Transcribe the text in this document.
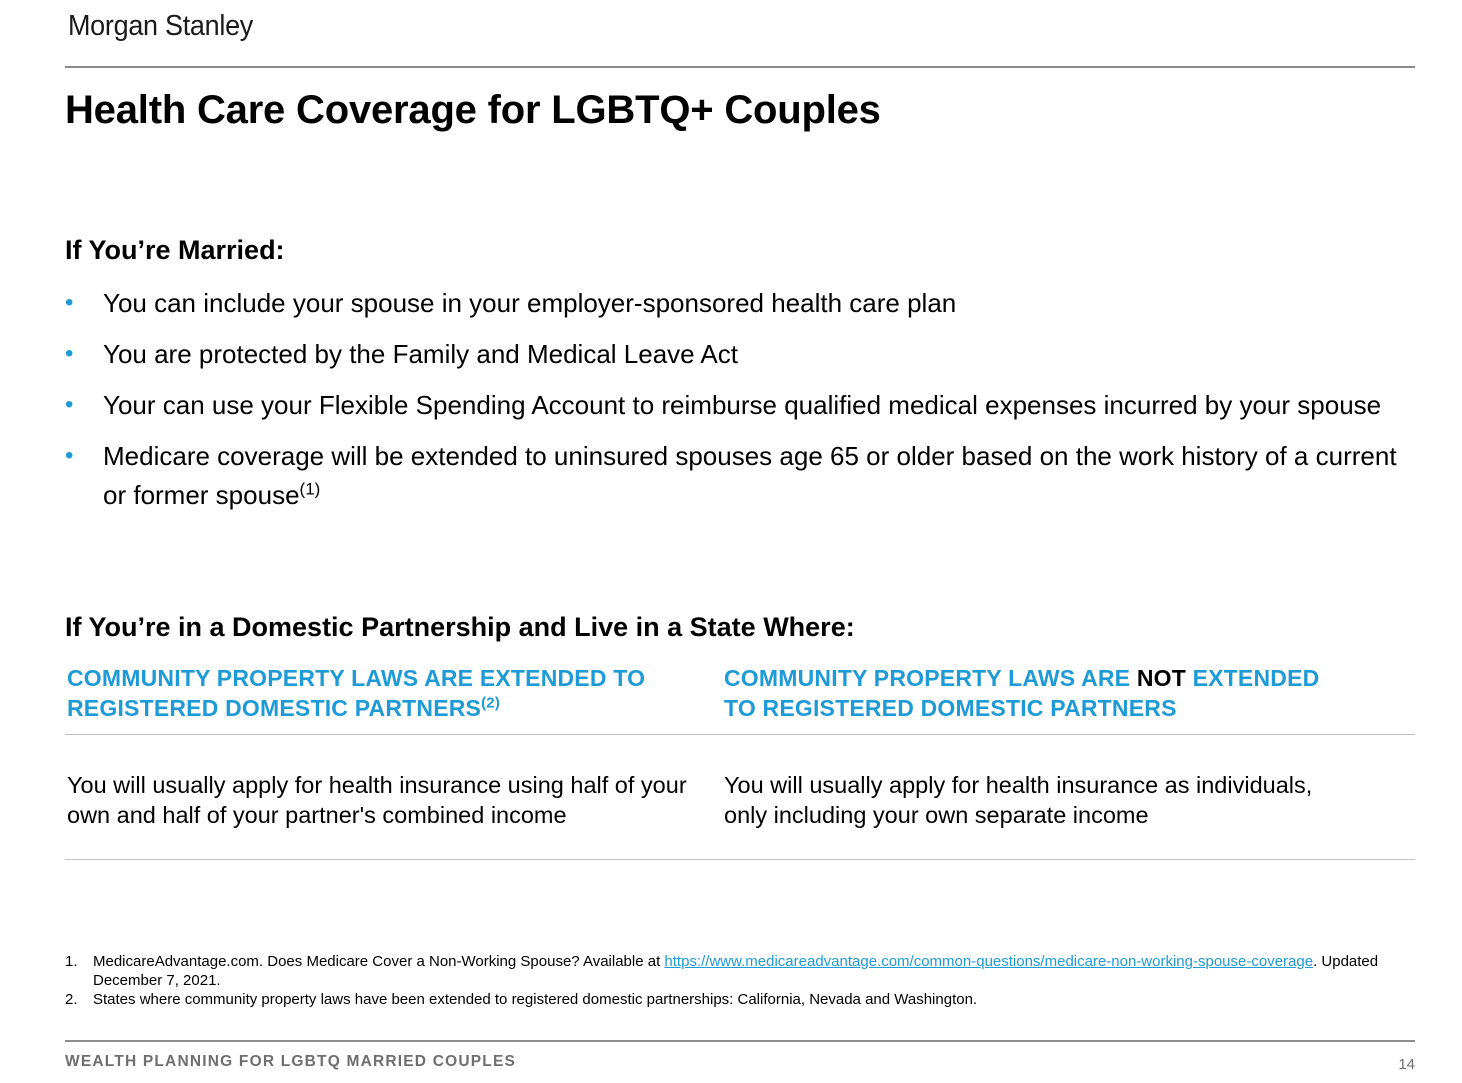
Morgan Stanley
Health Care Coverage for LGBTQ+ Couples
If You’re Married:
• You can include your spouse in your employer-sponsored health care plan
• You are protected by the Family and Medical Leave Act
• Your can use your Flexible Spending Account to reimburse qualified medical expenses incurred by your spouse
• Medicare coverage will be extended to uninsured spouses age 65 or older based on the work history of a current or former spouse$^{(1)}$
If You’re in a Domestic Partnership and Live in a State Where:
COMMUNITY PROPERTY LAWS ARE EXTENDED TO REGISTERED DOMESTIC PARTNERS$^{(2)}$
COMMUNITY PROPERTY LAWS ARE NOT EXTENDED TO REGISTERED DOMESTIC PARTNERS
You will usually apply for health insurance using half of your own and half of your partner's combined income
You will usually apply for health insurance as individuals, only including your own separate income
1. MedicareAdvantage.com. Does Medicare Cover a Non-Working Spouse? Available at https://www.medicareadvantage.com/common-questions/medicare-non-working-spouse-coverage. Updated December 7, 2021.
2. States where community property laws have been extended to registered domestic partnerships: California, Nevada and Washington.
WEALTH PLANNING FOR LGBTQ MARRIED COUPLES	14
